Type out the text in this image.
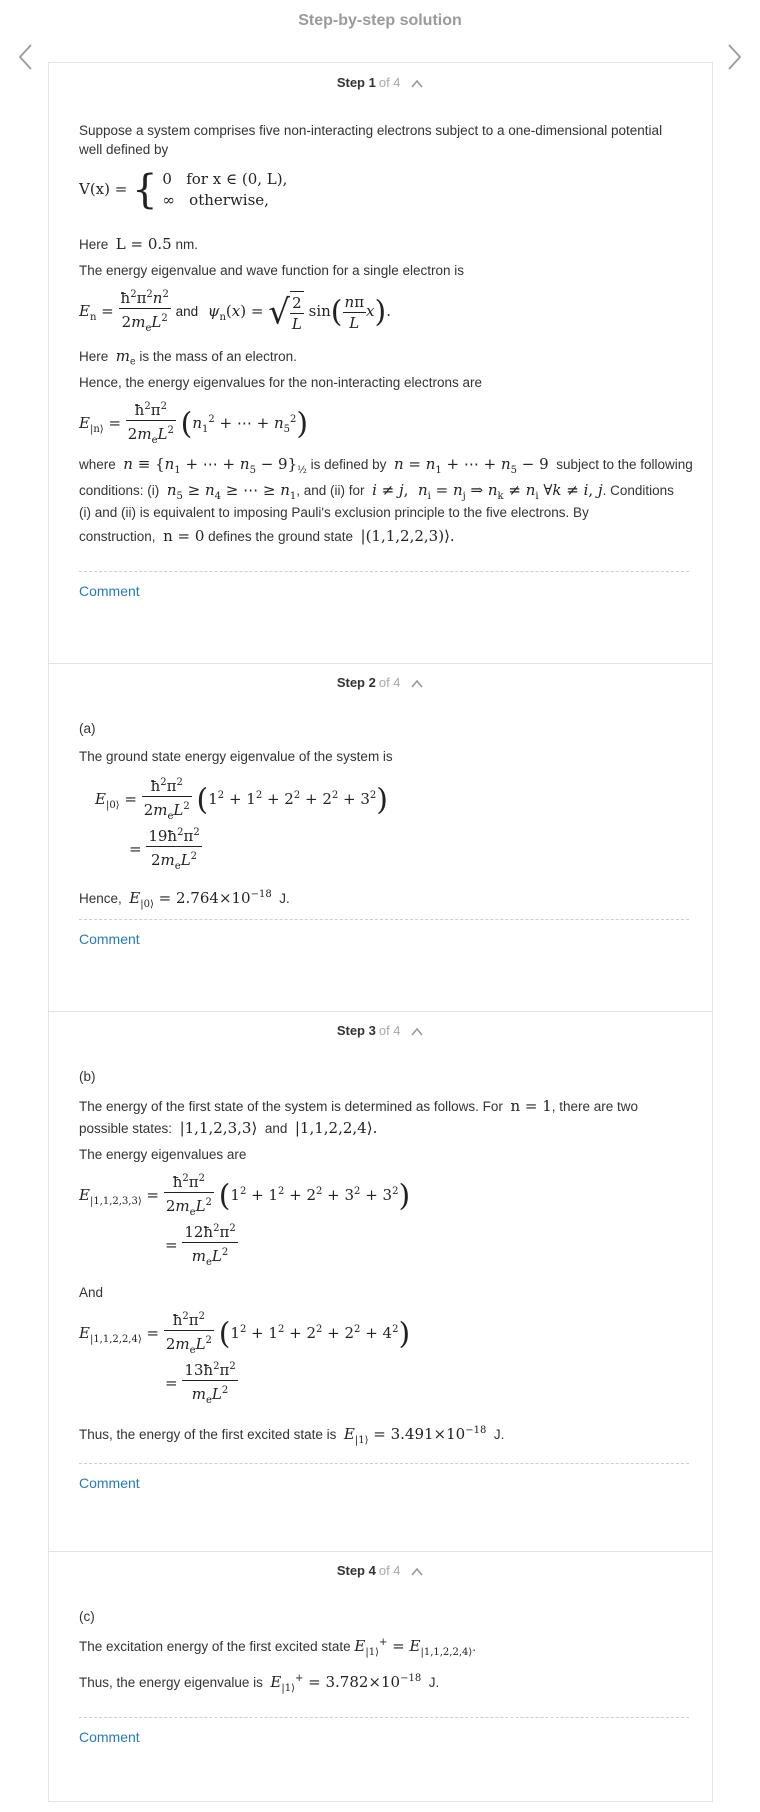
Step-by-step solution
Step 1 of 4
Suppose a system comprises five non-interacting electrons subject to a one-dimensional potential well defined by
V(x) = { 0 for x ∈ (0, L),
∞ otherwise,
Here L = 0.5 nm.
The energy eigenvalue and wave function for a single electron is
$E_n = \frac{ħ^2\pi^2n^2}{2m_eL^2}$ and $\psi_n(x)$ = √ $\frac{2}{L} \sin( \frac{n\pi}{L} x)$.
Here $m_e$ is the mass of an electron.
Hence, the energy eigenvalues for the non-interacting electrons are
$E_{|n⟩} = \frac{ħ^2\pi^2}{2m_eL^2} (n_1^2$ + ⋯ + $n_5^2$)
where $n \equiv \{n_1$ + ⋯ + $n_5 - 9\}_{\frac{1}{2}}$ is defined by $n = n_1$ + ⋯ + $n_5 - 9$ subject to the following
conditions: (i) $n_5 \ge n_4$ ≥ ⋯ ≥ $n_1$, and (ii) for i ≠ j,  $n_i = n_j$ ⇒ $n_k \ne n_i$ ∀k ≠ i, j. Conditions
(i) and (ii) is equivalent to imposing Pauli's exclusion principle to the five electrons. By
construction, n = 0 defines the ground state |(1,1,2,2,3)⟩.
Comment
Step 2 of 4
(a)
The ground state energy eigenvalue of the system is
$E_{|0⟩} = \frac{ħ^2\pi^2}{2m_eL^2} (1^2 + 1^2 + 2^2 + 2^2 + 3^2)$
= $\frac{19ħ^2\pi^2}{2m_eL^2}$
Hence, $E_{|0⟩} = 2.764\times 10^{-18}$ J.
Comment
Step 3 of 4
(b)
The energy of the first state of the system is determined as follows. For n = 1, there are two
possible states: |1,1,2,3,3⟩ and |1,1,2,2,4⟩.
The energy eigenvalues are
$E_{|1,1,2,3,3⟩} = \frac{ħ^2\pi^2}{2m_eL^2} (1^2 + 1^2 + 2^2 + 3^2 + 3^2)$
= $\frac{12ħ^2\pi^2}{m_eL^2}$
And
$E_{|1,1,2,2,4⟩} = \frac{ħ^2\pi^2}{2m_eL^2} (1^2 + 1^2 + 2^2 + 2^2 + 4^2)$
= $\frac{13ħ^2\pi^2}{m_eL^2}$
Thus, the energy of the first excited state is $E_{|1⟩} = 3.491\times 10^{-18}$ J.
Comment
Step 4 of 4
(c)
The excitation energy of the first excited state $E_{|1⟩}^+ = E_{|1,1,2,2,4⟩}$.
Thus, the energy eigenvalue is $E_{|1⟩}^+ = 3.782\times 10^{-18}$ J.
Comment
